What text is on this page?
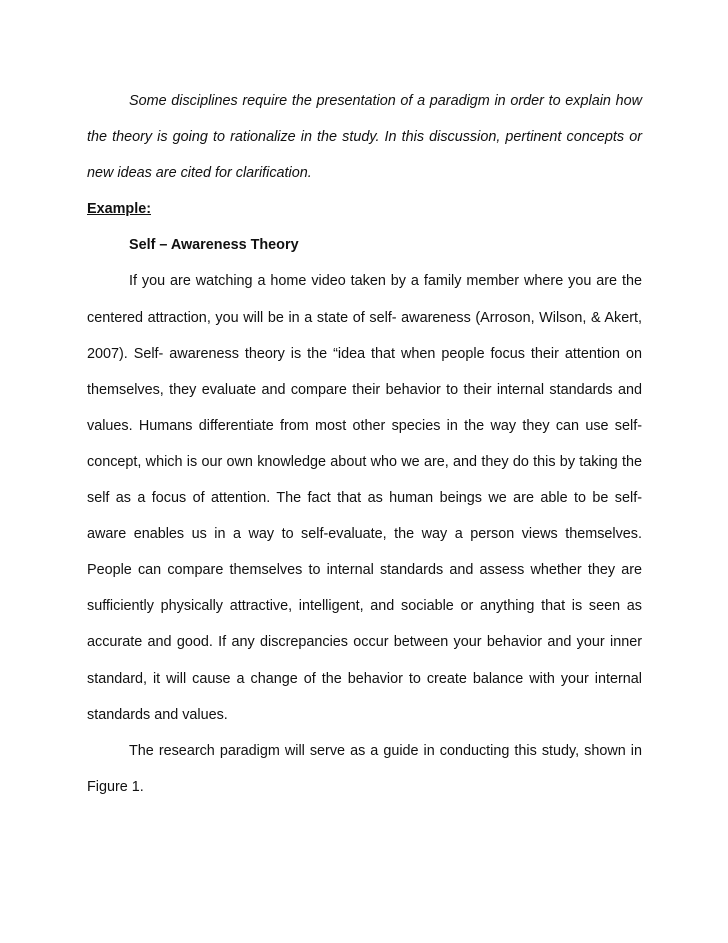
Some disciplines require the presentation of a paradigm in order to explain how the theory is going to rationalize in the study. In this discussion, pertinent concepts or new ideas are cited for clarification.

Example:

Self – Awareness Theory

If you are watching a home video taken by a family member where you are the centered attraction, you will be in a state of self- awareness (Arroson, Wilson, & Akert, 2007). Self- awareness theory is the “idea that when people focus their attention on themselves, they evaluate and compare their behavior to their internal standards and values. Humans differentiate from most other species in the way they can use self-concept, which is our own knowledge about who we are, and they do this by taking the self as a focus of attention. The fact that as human beings we are able to be self- aware enables us in a way to self-evaluate, the way a person views themselves. People can compare themselves to internal standards and assess whether they are sufficiently physically attractive, intelligent, and sociable or anything that is seen as accurate and good. If any discrepancies occur between your behavior and your inner standard, it will cause a change of the behavior to create balance with your internal standards and values.

The research paradigm will serve as a guide in conducting this study, shown in Figure 1.
